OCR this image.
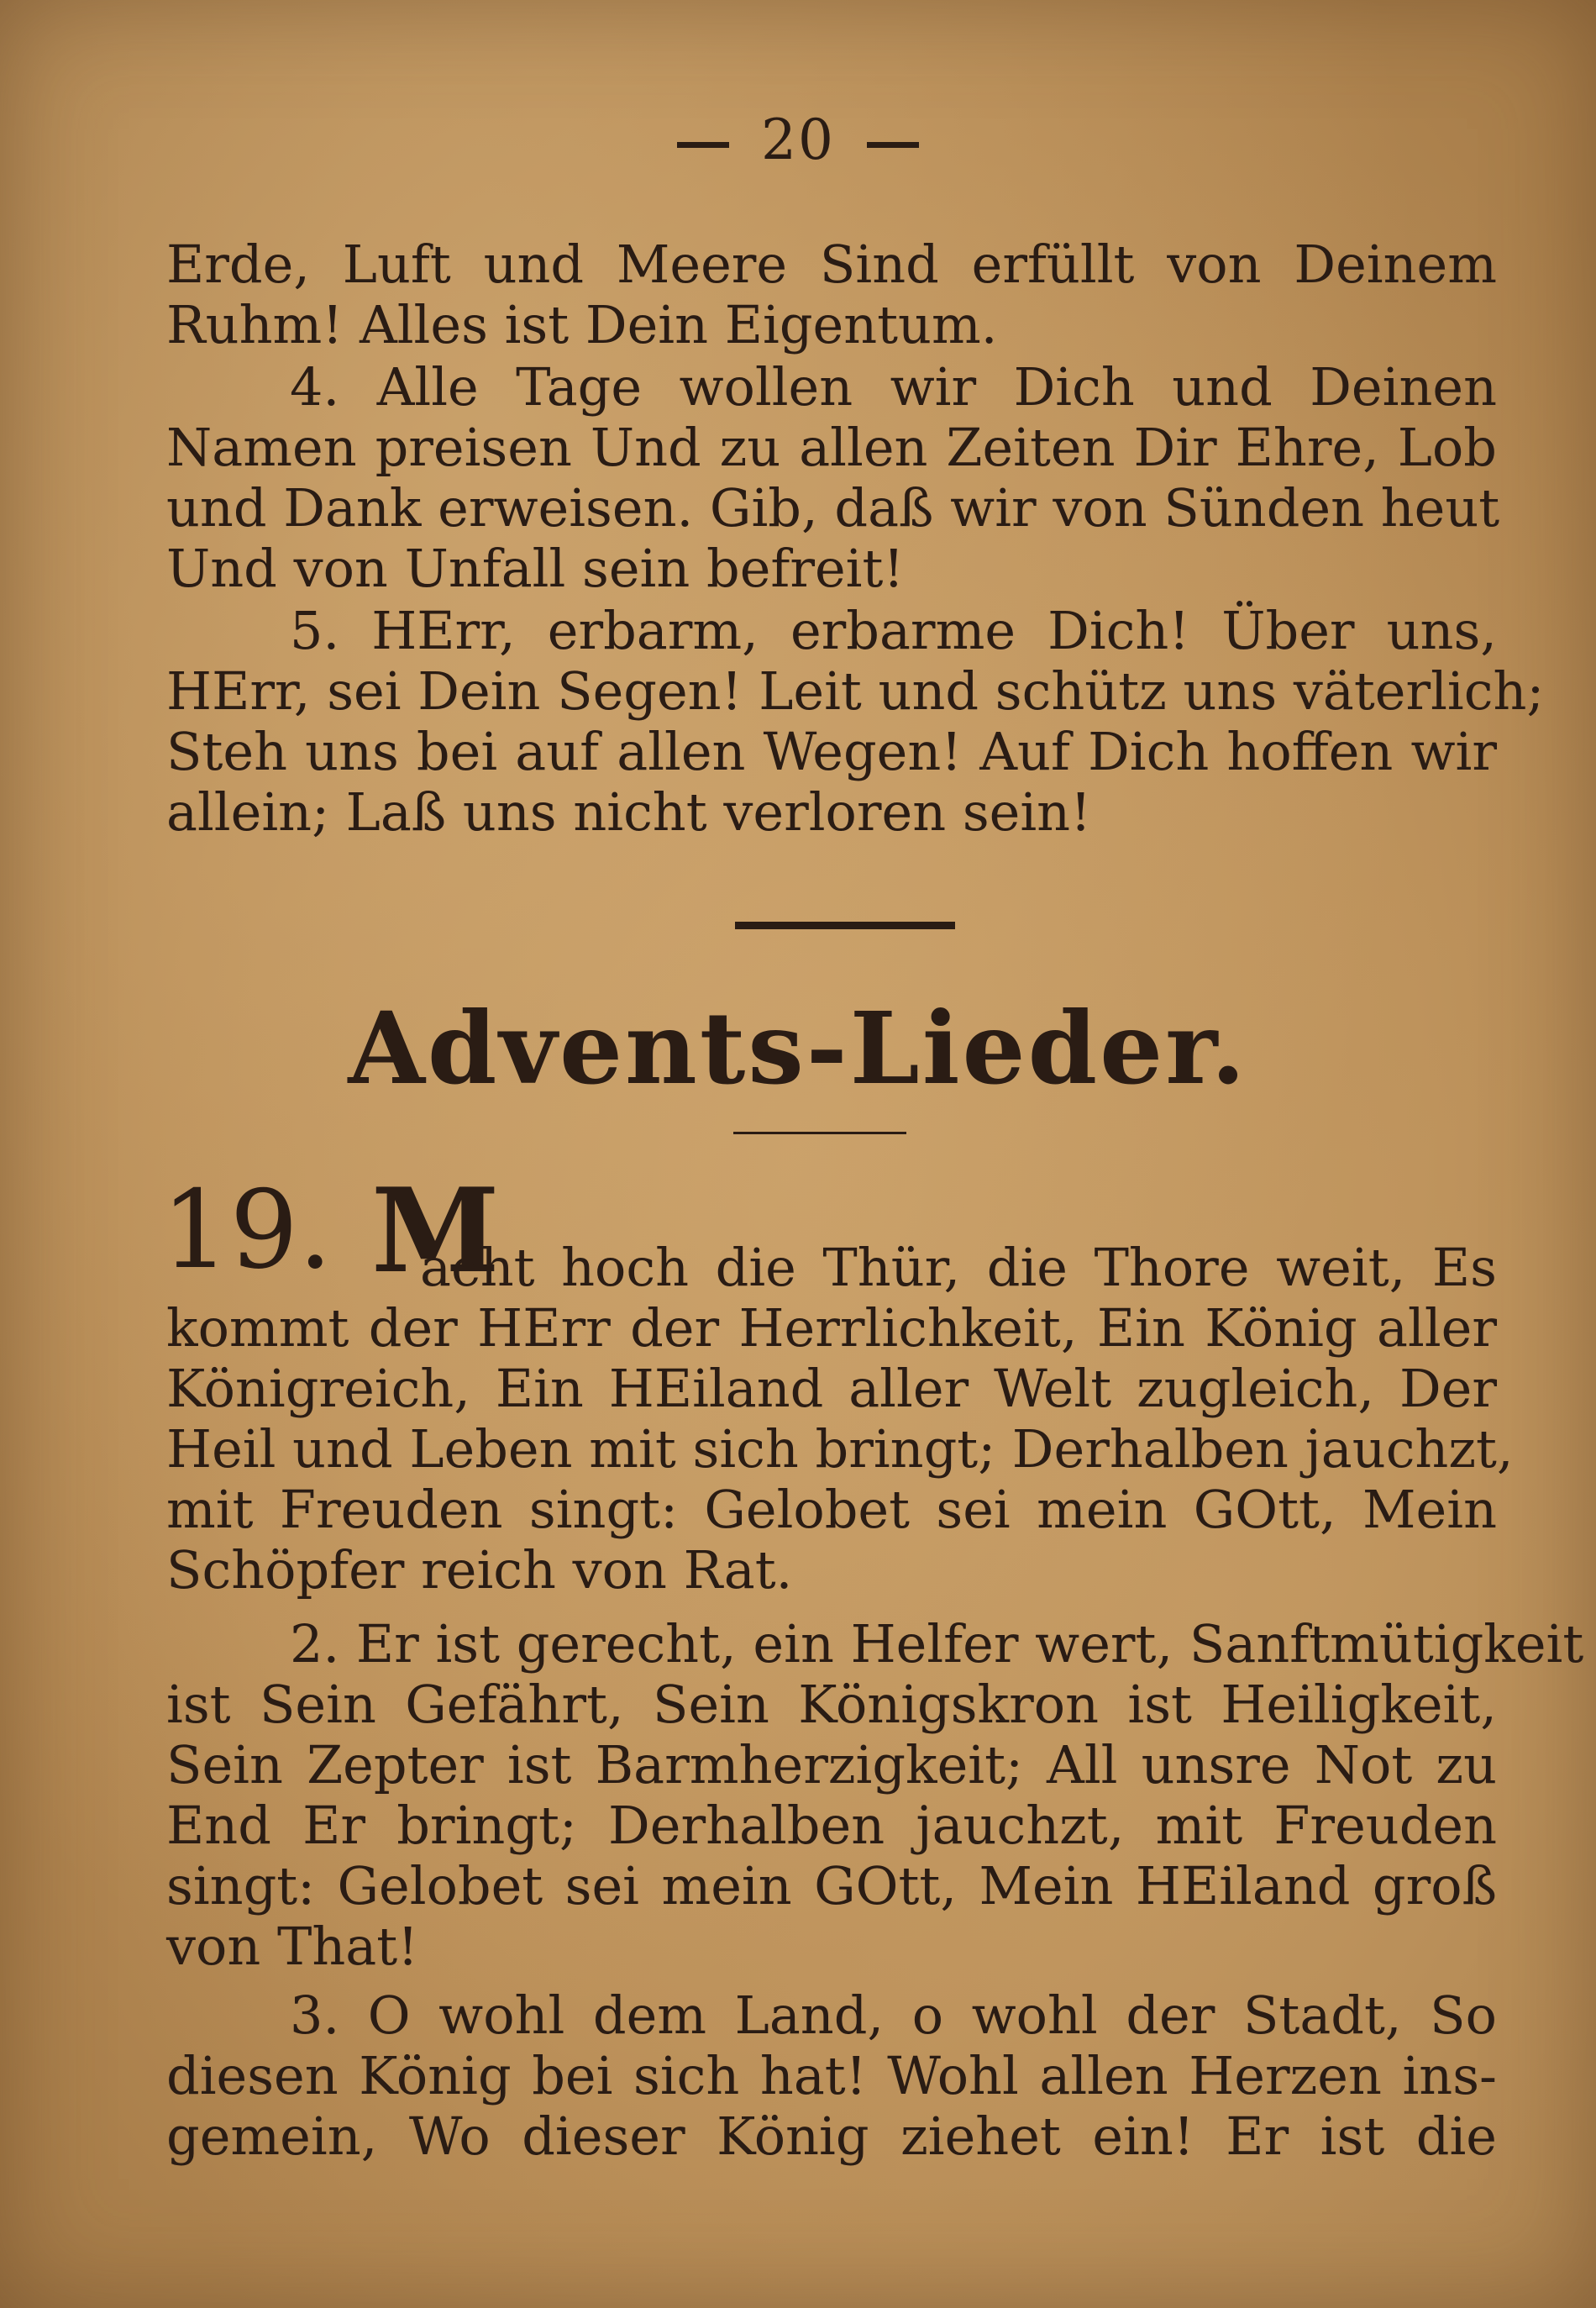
20
Erde, Luft und Meere Sind erfüllt von Deinem
Ruhm! Alles ist Dein Eigentum.
4. Alle Tage wollen wir Dich und Deinen
Namen preisen Und zu allen Zeiten Dir Ehre, Lob
und Dank erweisen. Gib, daß wir von Sünden heut
Und von Unfall sein befreit!
5. HErr, erbarm, erbarme Dich! Über uns,
HErr, sei Dein Segen! Leit und schütz uns väterlich;
Steh uns bei auf allen Wegen! Auf Dich hoffen wir
allein; Laß uns nicht verloren sein!
Advents-Lieder.
19. M
acht hoch die Thür, die Thore weit, Es
kommt der HErr der Herrlichkeit, Ein König aller
Königreich, Ein HEiland aller Welt zugleich, Der
Heil und Leben mit sich bringt; Derhalben jauchzt,
mit Freuden singt: Gelobet sei mein GOtt, Mein
Schöpfer reich von Rat.
2. Er ist gerecht, ein Helfer wert, Sanftmütigkeit
ist Sein Gefährt, Sein Königskron ist Heiligkeit,
Sein Zepter ist Barmherzigkeit; All unsre Not zu
End Er bringt; Derhalben jauchzt, mit Freuden
singt: Gelobet sei mein GOtt, Mein HEiland groß
von That!
3. O wohl dem Land, o wohl der Stadt, So
diesen König bei sich hat! Wohl allen Herzen ins-
gemein, Wo dieser König ziehet ein! Er ist die
